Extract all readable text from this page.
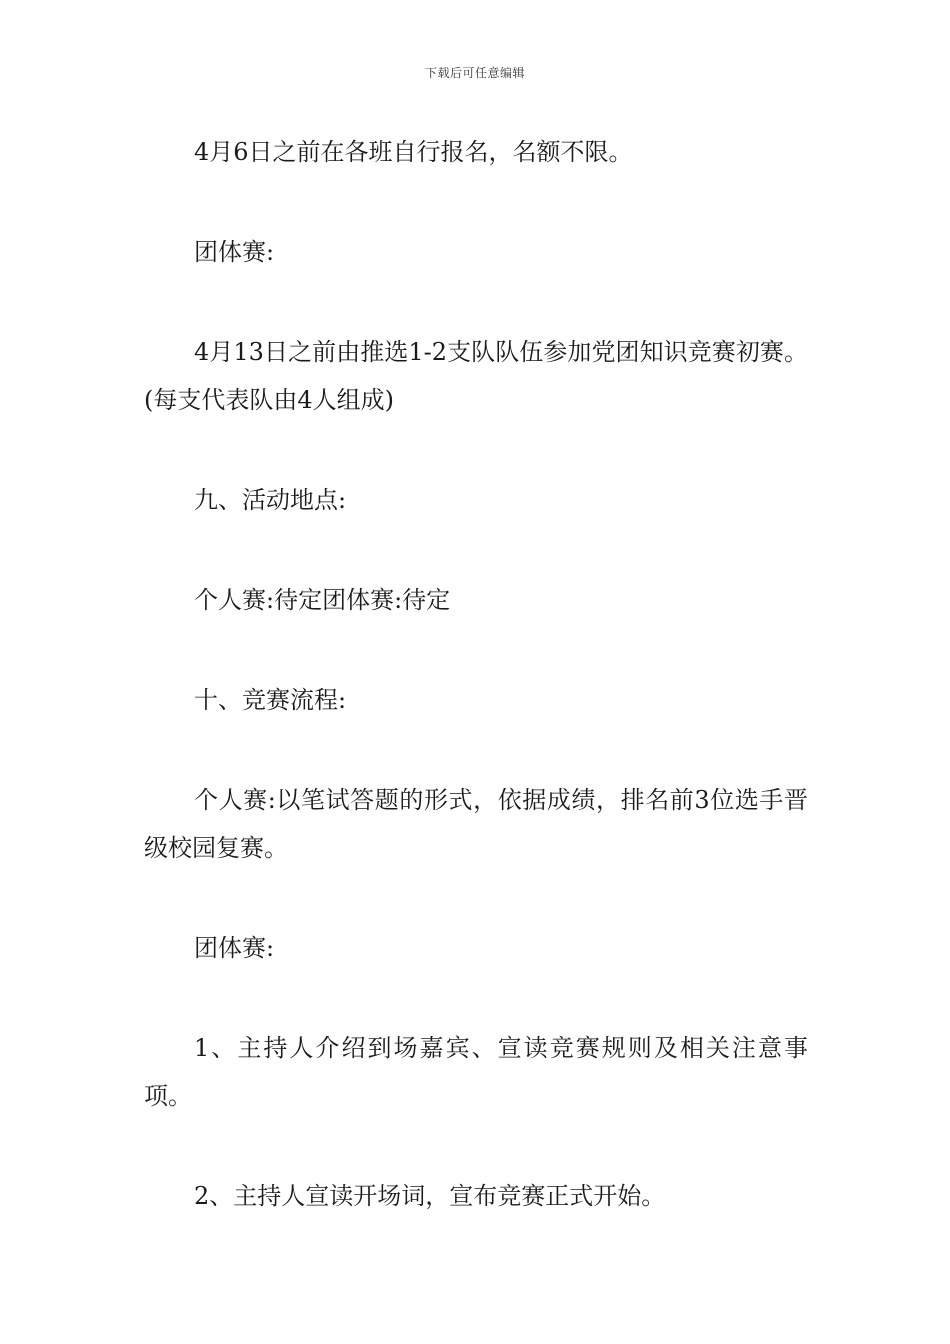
下载后可任意编辑

4月6日之前在各班自行报名，名额不限。

团体赛:

4月13日之前由推选1-2支队队伍参加党团知识竞赛初赛。(每支代表队由4人组成)

九、活动地点:

个人赛:待定团体赛:待定

十、竞赛流程:

个人赛:以笔试答题的形式，依据成绩，排名前3位选手晋级校园复赛。

团体赛:

1、主持人介绍到场嘉宾、宣读竞赛规则及相关注意事项。

2、主持人宣读开场词，宣布竞赛正式开始。
